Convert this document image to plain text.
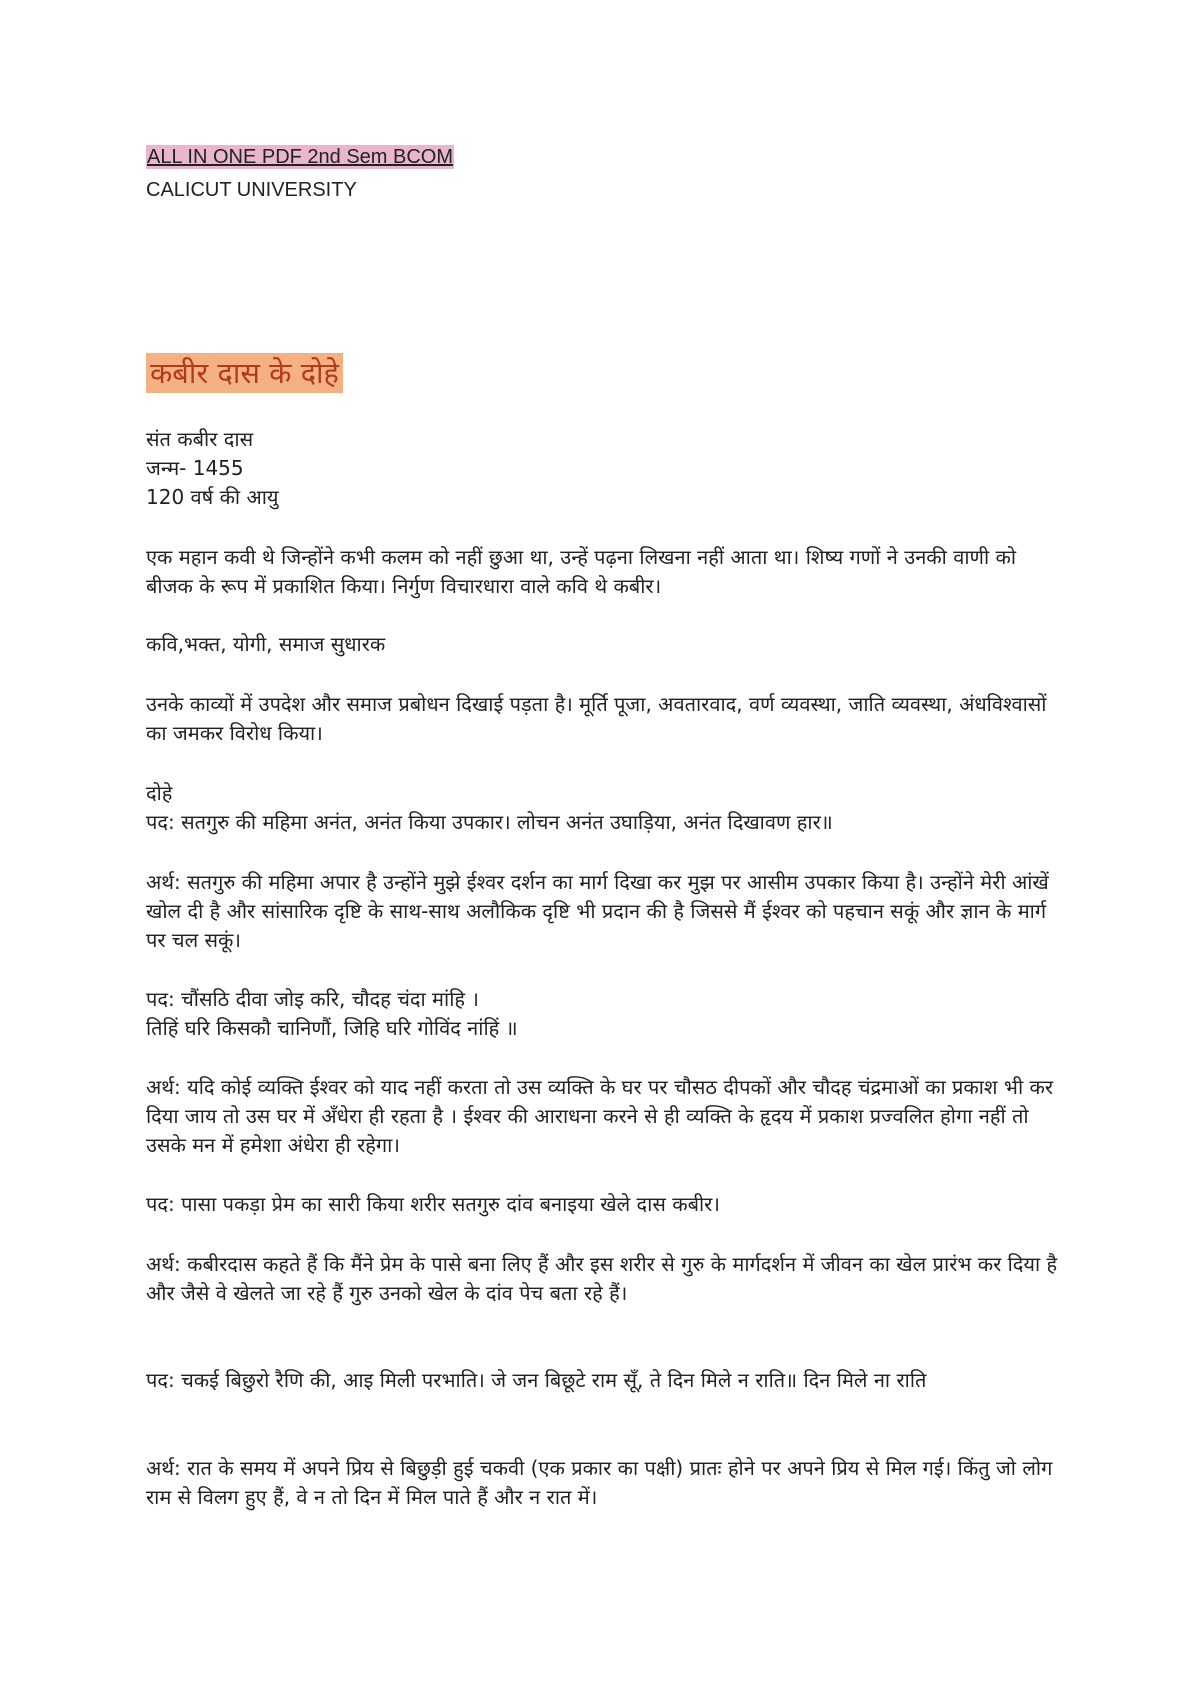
ALL IN ONE PDF 2nd Sem BCOM
CALICUT UNIVERSITY
कबीर दास के दोहे
संत कबीर दास
जन्म- 1455
120 वर्ष की आयु
एक महान कवी थे जिन्होंने कभी कलम को नहीं छुआ था, उन्हें पढ़ना लिखना नहीं आता था। शिष्य गणों ने उनकी वाणी को बीजक के रूप में प्रकाशित किया। निर्गुण विचारधारा वाले कवि थे कबीर।
कवि,भक्त, योगी, समाज सुधारक
उनके काव्यों में उपदेश और समाज प्रबोधन दिखाई पड़ता है। मूर्ति पूजा, अवतारवाद, वर्ण व्यवस्था, जाति व्यवस्था, अंधविश्वासों का जमकर विरोध किया।
दोहे
पद: सतगुरु की महिमा अनंत, अनंत किया उपकार। लोचन अनंत उघाड़िया, अनंत दिखावण हार॥
अर्थ: सतगुरु की महिमा अपार है उन्होंने मुझे ईश्वर दर्शन का मार्ग दिखा कर मुझ पर आसीम उपकार किया है। उन्होंने मेरी आंखें खोल दी है और सांसारिक दृष्टि के साथ-साथ अलौकिक दृष्टि भी प्रदान की है जिससे मैं ईश्वर को पहचान सकूं और ज्ञान के मार्ग पर चल सकूं।
पद: चौंसठि दीवा जोइ करि, चौदह चंदा मांहि ।
तिहिं घरि किसकौ चानिणौं, जिहि घरि गोविंद नांहिं ॥
अर्थ: यदि कोई व्यक्ति ईश्वर को याद नहीं करता तो उस व्यक्ति के घर पर चौसठ दीपकों और चौदह चंद्रमाओं का प्रकाश भी कर दिया जाय तो उस घर में अँधेरा ही रहता है । ईश्वर की आराधना करने से ही व्यक्ति के हृदय में प्रकाश प्रज्वलित होगा नहीं तो उसके मन में हमेशा अंधेरा ही रहेगा।
पद: पासा पकड़ा प्रेम का सारी किया शरीर सतगुरु दांव बनाइया खेले दास कबीर।
अर्थ: कबीरदास कहते हैं कि मैंने प्रेम के पासे बना लिए हैं और इस शरीर से गुरु के मार्गदर्शन में जीवन का खेल प्रारंभ कर दिया है और जैसे वे खेलते जा रहे हैं गुरु उनको खेल के दांव पेच बता रहे हैं।
पद: चकई बिछुरो रैणि की, आइ मिली परभाति। जे जन बिछूटे राम सूँ, ते दिन मिले न राति॥ दिन मिले ना राति
अर्थ: रात के समय में अपने प्रिय से बिछुड़ी हुई चकवी (एक प्रकार का पक्षी) प्रातः होने पर अपने प्रिय से मिल गई। किंतु जो लोग राम से विलग हुए हैं, वे न तो दिन में मिल पाते हैं और न रात में।
